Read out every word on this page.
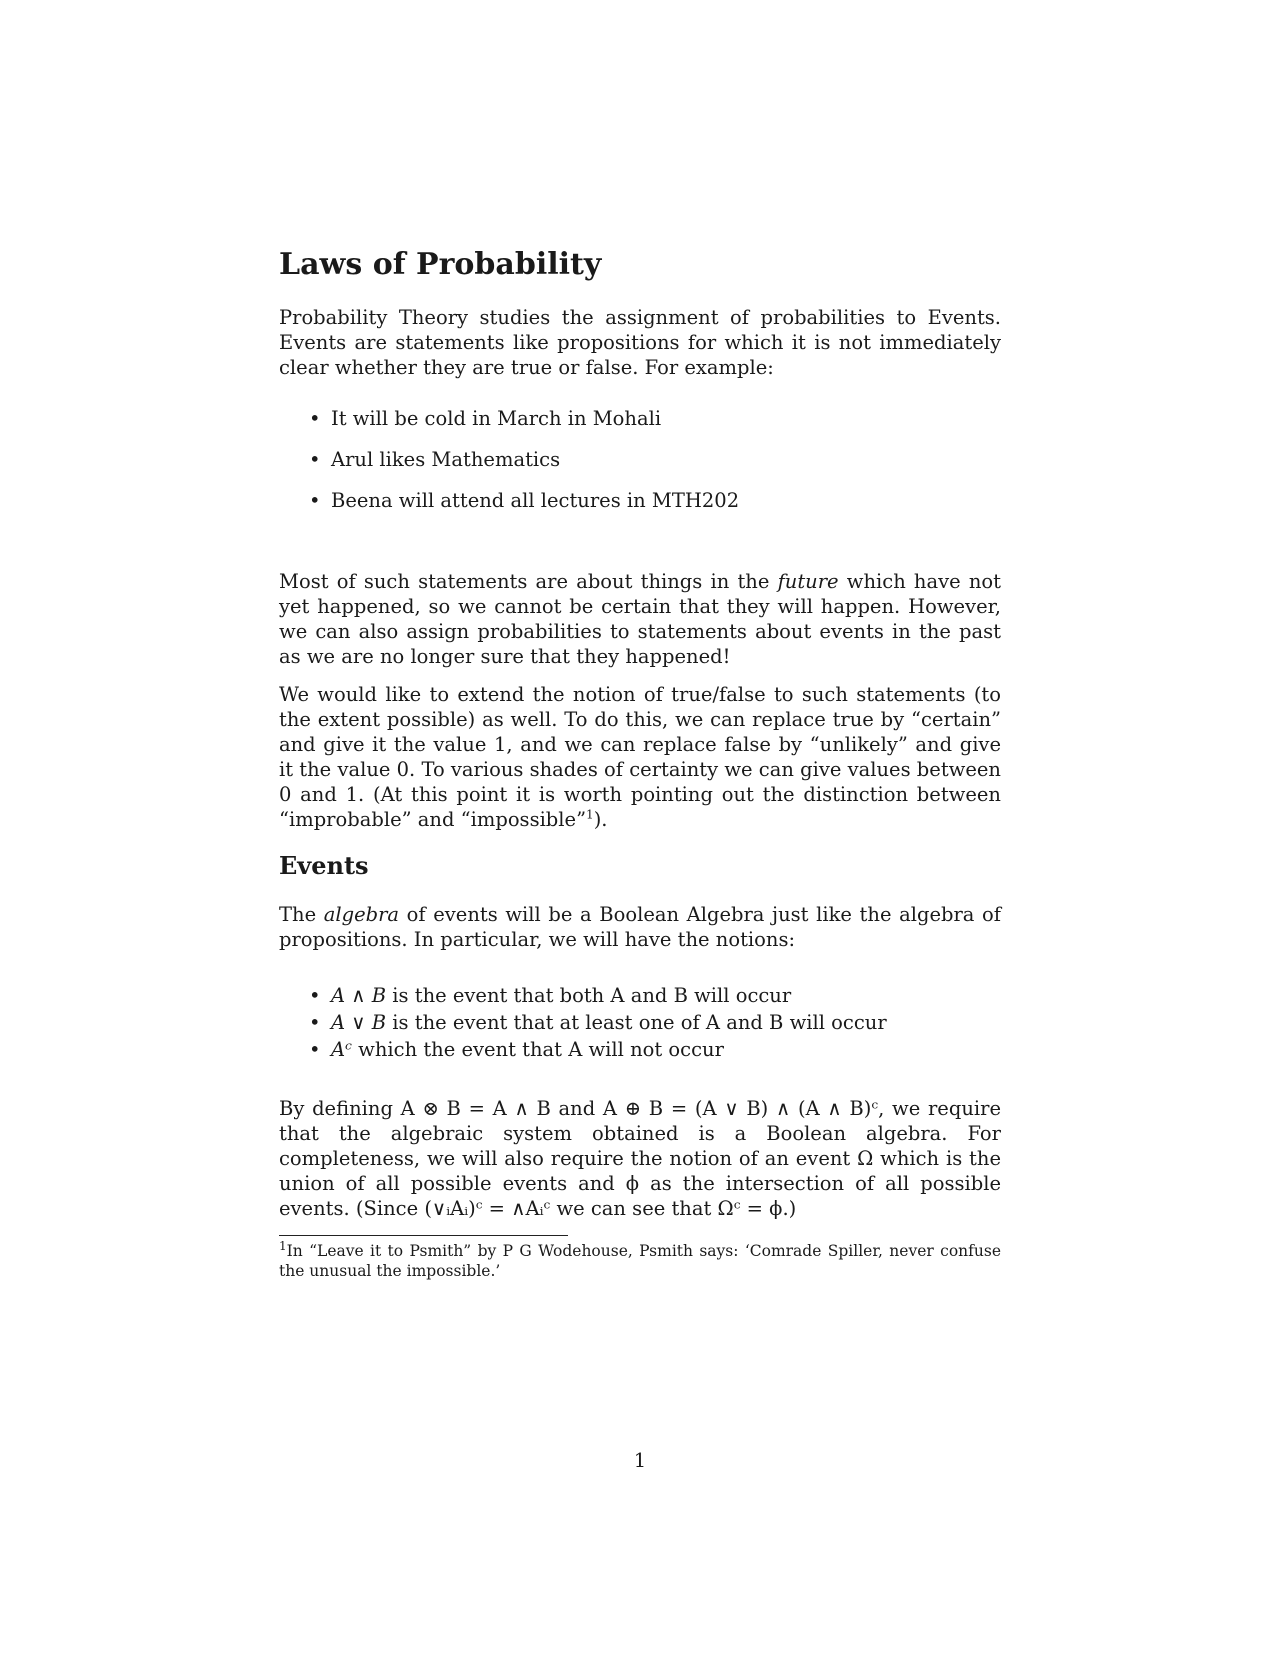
Laws of Probability

Probability Theory studies the assignment of probabilities to Events. Events are statements like propositions for which it is not immediately clear whether they are true or false. For example:

• It will be cold in March in Mohali
• Arul likes Mathematics
• Beena will attend all lectures in MTH202

Most of such statements are about things in the future which have not yet happened, so we cannot be certain that they will happen. However, we can also assign probabilities to statements about events in the past as we are no longer sure that they happened!

We would like to extend the notion of true/false to such statements (to the extent possible) as well. To do this, we can replace true by “certain” and give it the value 1, and we can replace false by “unlikely” and give it the value 0. To various shades of certainty we can give values between 0 and 1. (At this point it is worth pointing out the distinction between “improbable” and “impossible”$^1$).

Events

The algebra of events will be a Boolean Algebra just like the algebra of propositions. In particular, we will have the notions:

• A ∧ B is the event that both A and B will occur
• A ∨ B is the event that at least one of A and B will occur
• Aᶜ which the event that A will not occur

By defining A ⊗ B = A ∧ B and A ⊕ B = (A ∨ B) ∧ (A ∧ B)ᶜ, we require that the algebraic system obtained is a Boolean algebra. For completeness, we will also require the notion of an event Ω which is the union of all possible events and ϕ as the intersection of all possible events. (Since (∨ᵢAᵢ)ᶜ = ∧Aᵢᶜ we can see that Ωᶜ = ϕ.)

$^1$In “Leave it to Psmith” by P G Wodehouse, Psmith says: ‘Comrade Spiller, never confuse the unusual the impossible.’

1
